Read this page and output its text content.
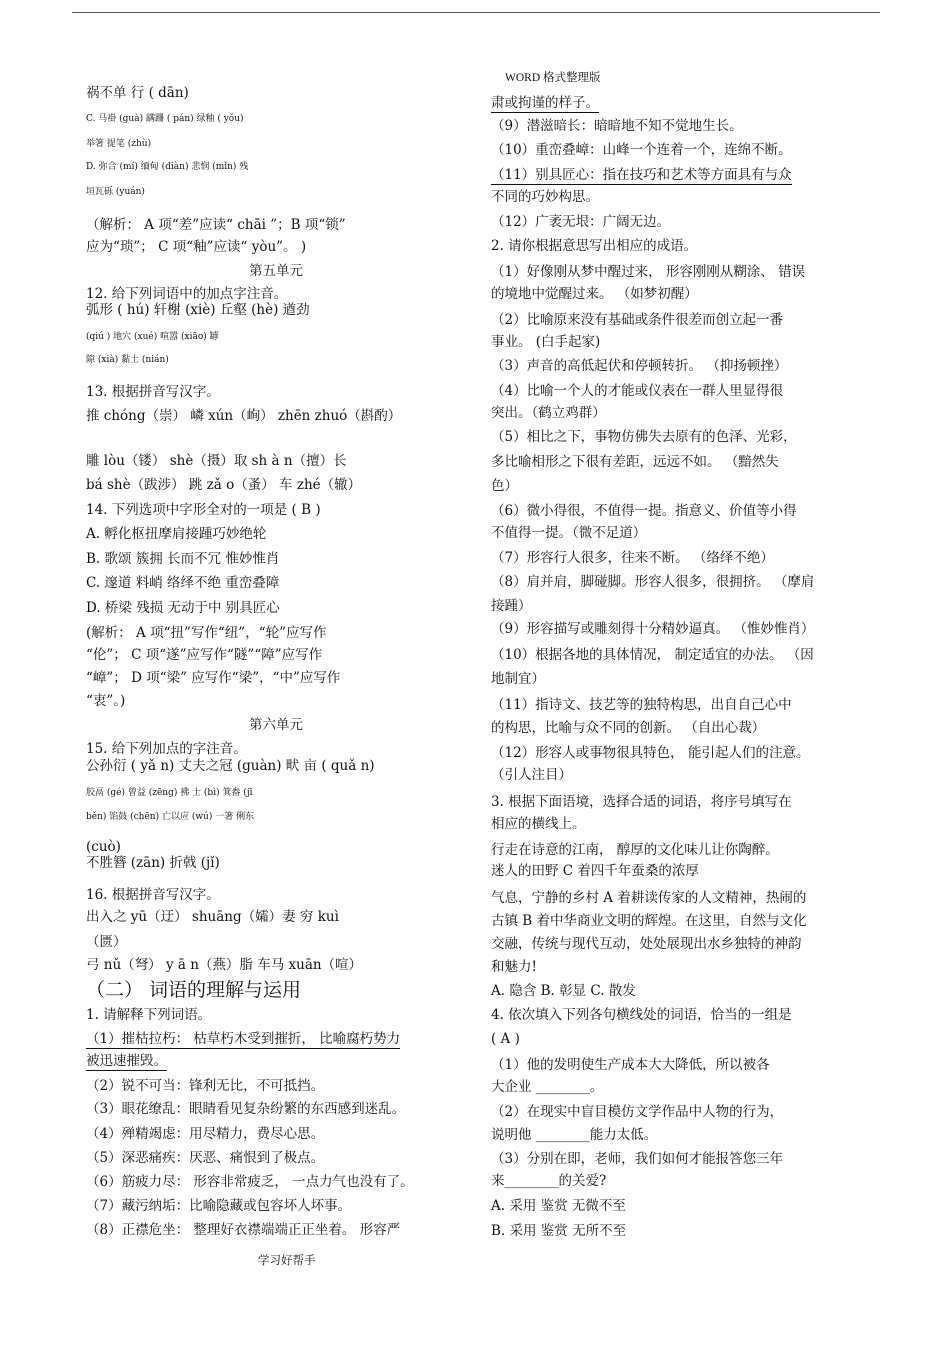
WORD 格式整理版
祸不单 行 ( dān)
C. 马褂 (guà) 蹒跚 ( pán) 绿釉 ( yǒu)
举箸 提笔 (zhù)
D. 弥合 (mí) 缅甸 (diàn) 悲悯 (mǐn) 残
垣瓦砾 (yuán)
（解析： A 项“差”应读“ chāi ”；B 项“锁”
应为“琐”； C 项“釉”应读“ yòu”。 )
第五单元
12. 给下列词语中的加点字注音。
弧形 ( hú) 轩榭 (xiè) 丘壑 (hè) 遒劲
(qiú ) 地穴 (xué) 喧嚣 (xiāo) 罅
隙 (xià) 黏土 (nián)
13. 根据拼音写汉字。
推 chóng（崇） 嶙 xún（峋） zhēn zhuó（斟酌）
雕 lòu（镂） shè（摄）取 sh à n（擅）长
bá shè（跋涉） 跳 zǎ o（蚤） 车 zhé（辙）
14. 下列选项中字形全对的一项是 ( B )
A. 孵化枢扭摩肩接踵巧妙绝轮
B. 歌颂 簇拥 长而不冗 惟妙惟肖
C. 邃道 料峭 络绎不绝 重峦叠障
D. 桥梁 残损 无动于中 别具匠心
(解析： A 项“扭”写作“纽”，“轮”应写作
“伦”； C 项“遂”应写作“隧”“障”应写作
“嶂”； D 项“梁” 应写作“梁”，“中”应写作
“衷”。)
第六单元
15. 给下列加点的字注音。
公孙衍 ( yǎ n) 丈夫之冠 (guàn) 畎 亩 ( quǎ n)
胶鬲 (gé) 曾益 (zēng) 拂 士 (bì) 箕畚 (jī
běn) 馅鼓 (chēn) 亡以应 (wú) 一箸 俐东
(cuò)
不胜簪 (zān) 折戟 (jǐ)
16. 根据拼音写汉字。
出入之 yū（迂） shuāng（孀）妻 穷 kuì
（匮）
弓 nǔ（弩） y ā n（燕）脂 车马 xuān（喧）
（二） 词语的理解与运用
1. 请解释下列词语。
（1）摧枯拉朽： 枯草朽木受到摧折， 比喻腐朽势力
被迅速摧毁。
（2）锐不可当：锋利无比，不可抵挡。
（3）眼花缭乱：眼睛看见复杂纷繁的东西感到迷乱。
（4）殚精竭虑：用尽精力，费尽心思。
（5）深恶痛疾：厌恶、痛恨到了极点。
（6）筋疲力尽： 形容非常疲乏， 一点力气也没有了。
（7）藏污纳垢：比喻隐藏或包容坏人坏事。
（8）正襟危坐： 整理好衣襟端端正正坐着。 形容严
肃或拘谨的样子。
（9）潜滋暗长：暗暗地不知不觉地生长。
（10）重峦叠嶂：山峰一个连着一个，连绵不断。
（11）别具匠心：指在技巧和艺术等方面具有与众
不同的巧妙构思。
（12）广袤无垠：广阔无边。
2. 请你根据意思写出相应的成语。
（1）好像刚从梦中醒过来， 形容刚刚从糊涂、 错误
的境地中觉醒过来。 （如梦初醒）
（2）比喻原来没有基础或条件很差而创立起一番
事业。 (白手起家)
（3）声音的高低起伏和停顿转折。 （抑扬顿挫）
（4）比喻一个人的才能或仪表在一群人里显得很
突出。（鹤立鸡群）
（5）相比之下，事物仿佛失去原有的色泽、光彩，
多比喻相形之下很有差距，远远不如。 （黯然失
色）
（6）微小得很，不值得一提。指意义、价值等小得
不值得一提。（微不足道）
（7）形容行人很多，往来不断。 （络绎不绝）
（8）肩并肩，脚碰脚。形容人很多，很拥挤。 （摩肩
接踵）
（9）形容描写或雕刻得十分精妙逼真。 （惟妙惟肖）
（10）根据各地的具体情况， 制定适宜的办法。 （因
地制宜）
（11）指诗文、技艺等的独特构思，出自自己心中
的构思，比喻与众不同的创新。 （自出心裁）
（12）形容人或事物很具特色， 能引起人们的注意。
（引人注目）
3. 根据下面语境，选择合适的词语，将序号填写在
相应的横线上。
行走在诗意的江南， 醇厚的文化味儿让你陶醉。
迷人的田野 C 着四千年蚕桑的浓厚
气息，宁静的乡村 A 着耕读传家的人文精神，热闹的
古镇 B 着中华商业文明的辉煌。在这里，自然与文化
交融，传统与现代互动，处处展现出水乡独特的神韵
和魅力!
A. 隐含 B. 彰显 C. 散发
4. 依次填入下列各句横线处的词语，恰当的一组是
( A )
（1）他的发明使生产成本大大降低，所以被各
大企业 ________。
（2）在现实中盲目模仿文学作品中人物的行为，
说明他 ________能力太低。
（3）分别在即，老师，我们如何才能报答您三年
来________的关爱?
A. 采用 鉴赏 无微不至
B. 采用 鉴赏 无所不至
学习好帮手
